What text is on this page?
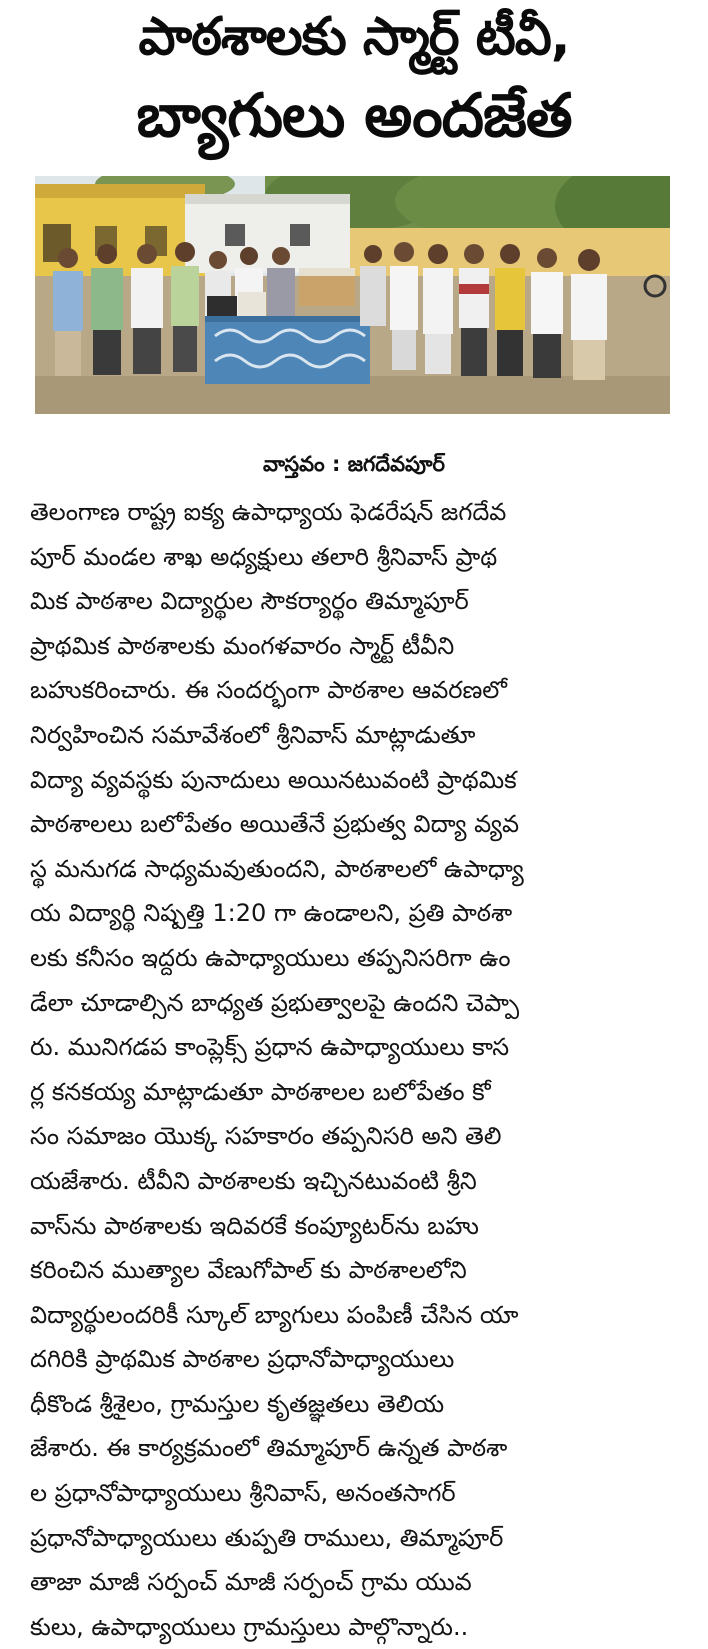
పాఠశాలకు స్మార్ట్ టీవీ,
బ్యాగులు అందజేత
వాస్తవం : జగదేవపూర్
తెలంగాణ రాష్ట్ర ఐక్య ఉపాధ్యాయ ఫెడరేషన్ జగదేవ
పూర్ మండల శాఖ అధ్యక్షులు తలారి శ్రీనివాస్ ప్రాథ
మిక పాఠశాల విద్యార్థుల సౌకర్యార్థం తిమ్మాపూర్
ప్రాథమిక పాఠశాలకు మంగళవారం స్మార్ట్ టీవీని
బహుకరించారు. ఈ సందర్భంగా పాఠశాల ఆవరణలో
నిర్వహించిన సమావేశంలో శ్రీనివాస్ మాట్లాడుతూ
విద్యా వ్యవస్థకు పునాదులు అయినటువంటి ప్రాథమిక
పాఠశాలలు బలోపేతం అయితేనే ప్రభుత్వ విద్యా వ్యవ
స్థ మనుగడ సాధ్యమవుతుందని, పాఠశాలలో ఉపాధ్యా
య విద్యార్థి నిష్పత్తి 1:20 గా ఉండాలని, ప్రతి పాఠశా
లకు కనీసం ఇద్దరు ఉపాధ్యాయులు తప్పనిసరిగా ఉం
డేలా చూడాల్సిన బాధ్యత ప్రభుత్వాలపై ఉందని చెప్పా
రు. మునిగడప కాంప్లెక్స్ ప్రధాన ఉపాధ్యాయులు కాస
ర్ల కనకయ్య మాట్లాడుతూ పాఠశాలల బలోపేతం కో
సం సమాజం యొక్క సహకారం తప్పనిసరి అని తెలి
యజేశారు. టీవీని పాఠశాలకు ఇచ్చినటువంటి శ్రీని
వాస్‌ను పాఠశాలకు ఇదివరకే కంప్యూటర్‌ను బహు
కరించిన ముత్యాల వేణుగోపాల్ కు పాఠశాలలోని
విద్యార్థులందరికీ స్కూల్ బ్యాగులు పంపిణీ చేసిన యా
దగిరికి ప్రాథమిక పాఠశాల ప్రధానోపాధ్యాయులు
ధీకొండ శ్రీశైలం, గ్రామస్తుల కృతజ్ఞతలు తెలియ
జేశారు. ఈ కార్యక్రమంలో తిమ్మాపూర్ ఉన్నత పాఠశా
ల ప్రధానోపాధ్యాయులు శ్రీనివాస్, అనంతసాగర్
ప్రధానోపాధ్యాయులు తుప్పతి రాములు, తిమ్మాపూర్
తాజా మాజీ సర్పంచ్ మాజీ సర్పంచ్ గ్రామ యువ
కులు, ఉపాధ్యాయులు గ్రామస్తులు పాల్గొన్నారు..
